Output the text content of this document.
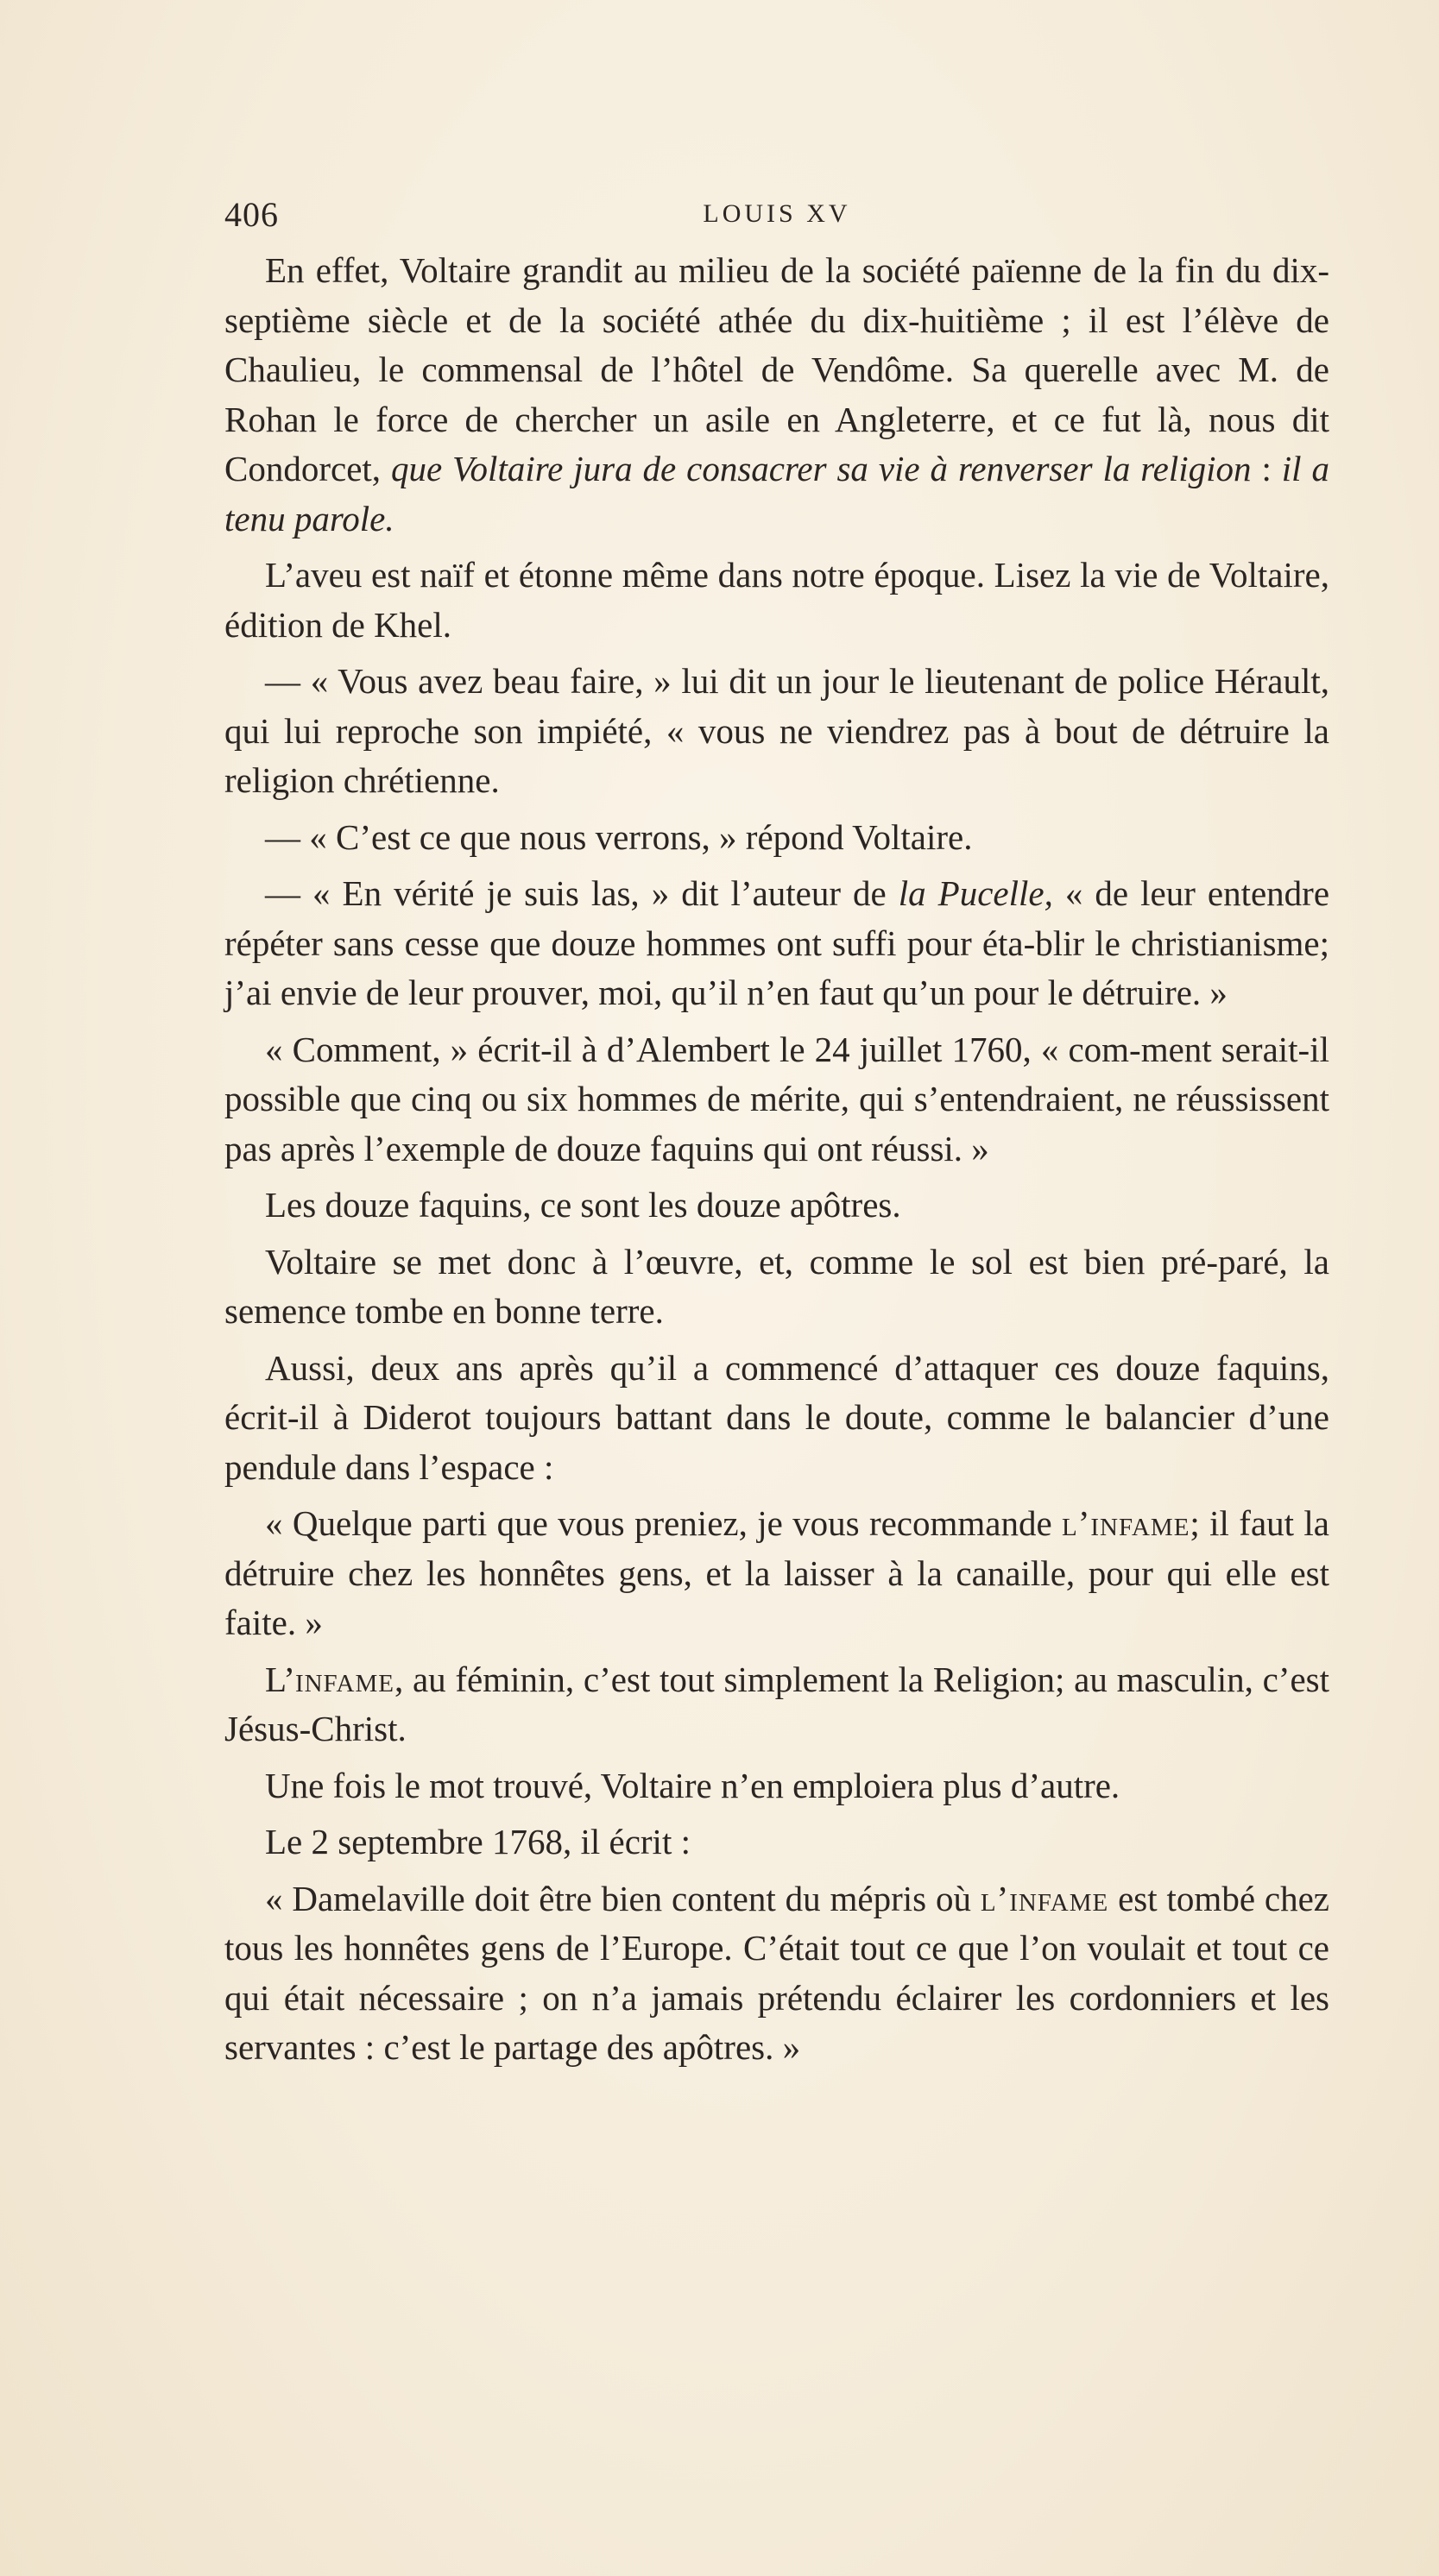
406	LOUIS XV

En effet, Voltaire grandit au milieu de la société païenne de la fin du dix-septième siècle et de la société athée du dix-huitième ; il est l’élève de Chaulieu, le commensal de l’hôtel de Vendôme. Sa querelle avec M. de Rohan le force de chercher un asile en Angleterre, et ce fut là, nous dit Condorcet, que Voltaire jura de consacrer sa vie à renverser la religion : il a tenu parole.

L’aveu est naïf et étonne même dans notre époque. Lisez la vie de Voltaire, édition de Khel.

— « Vous avez beau faire, » lui dit un jour le lieutenant de police Hérault, qui lui reproche son impiété, « vous ne viendrez pas à bout de détruire la religion chrétienne.

— « C’est ce que nous verrons, » répond Voltaire.

— « En vérité je suis las, » dit l’auteur de la Pucelle, « de leur entendre répéter sans cesse que douze hommes ont suffi pour éta-blir le christianisme; j’ai envie de leur prouver, moi, qu’il n’en faut qu’un pour le détruire. »

« Comment, » écrit-il à d’Alembert le 24 juillet 1760, « com-ment serait-il possible que cinq ou six hommes de mérite, qui s’entendraient, ne réussissent pas après l’exemple de douze faquins qui ont réussi. »

Les douze faquins, ce sont les douze apôtres.

Voltaire se met donc à l’œuvre, et, comme le sol est bien pré-paré, la semence tombe en bonne terre.

Aussi, deux ans après qu’il a commencé d’attaquer ces douze faquins, écrit-il à Diderot toujours battant dans le doute, comme le balancier d’une pendule dans l’espace :

« Quelque parti que vous preniez, je vous recommande l’infame; il faut la détruire chez les honnêtes gens, et la laisser à la canaille, pour qui elle est faite. »

L’infame, au féminin, c’est tout simplement la Religion; au masculin, c’est Jésus-Christ.

Une fois le mot trouvé, Voltaire n’en emploiera plus d’autre.

Le 2 septembre 1768, il écrit :

« Damelaville doit être bien content du mépris où l’infame est tombé chez tous les honnêtes gens de l’Europe. C’était tout ce que l’on voulait et tout ce qui était nécessaire ; on n’a jamais prétendu éclairer les cordonniers et les servantes : c’est le partage des apôtres. »
